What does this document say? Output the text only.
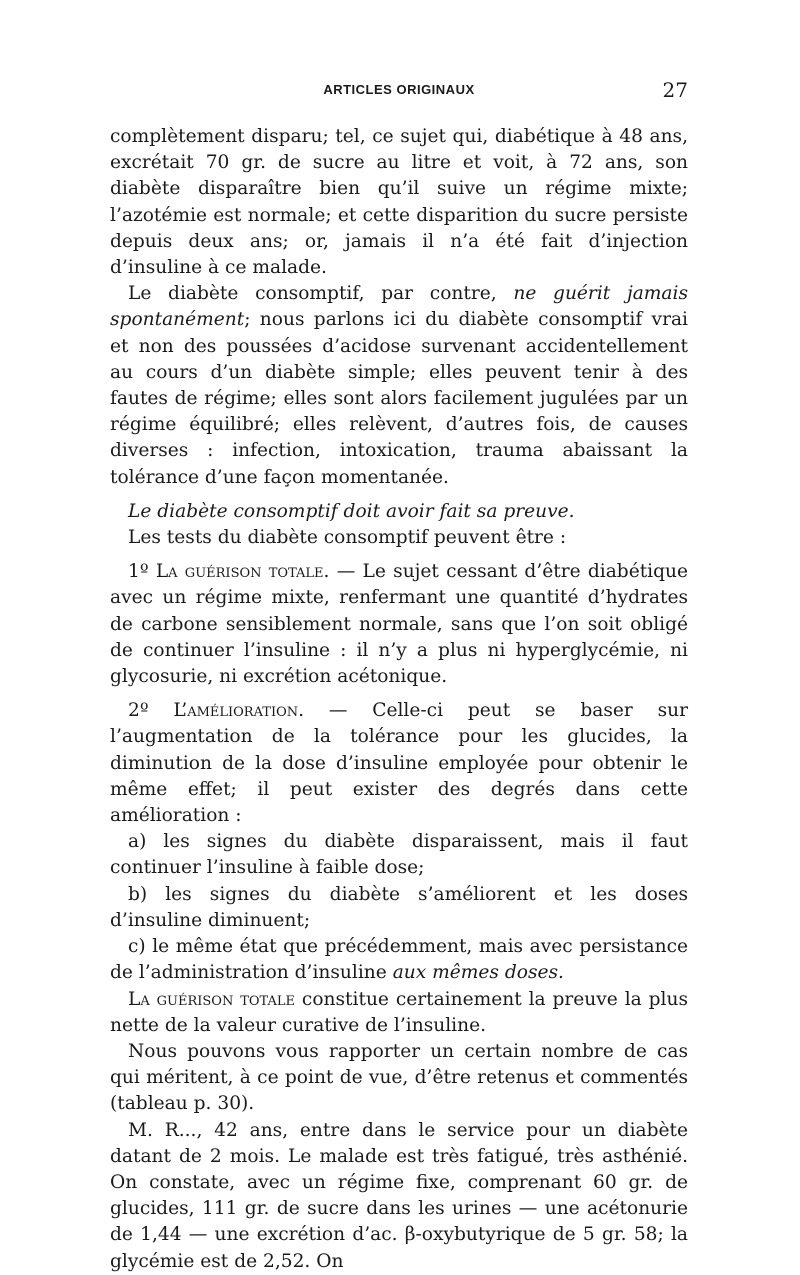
ARTICLES ORIGINAUX	27

complètement disparu; tel, ce sujet qui, diabétique à 48 ans, excrétait 70 gr. de sucre au litre et voit, à 72 ans, son diabète disparaître bien qu’il suive un régime mixte; l’azotémie est normale; et cette disparition du sucre persiste depuis deux ans; or, jamais il n’a été fait d’injection d’insuline à ce malade.

Le diabète consomptif, par contre, ne guérit jamais spontanément; nous parlons ici du diabète consomptif vrai et non des poussées d’acidose survenant accidentellement au cours d’un diabète simple; elles peuvent tenir à des fautes de régime; elles sont alors facilement jugulées par un régime équilibré; elles relèvent, d’autres fois, de causes diverses : infection, intoxication, trauma abaissant la tolérance d’une façon momentanée.

Le diabète consomptif doit avoir fait sa preuve.

Les tests du diabète consomptif peuvent être :

1º La guérison totale. — Le sujet cessant d’être diabétique avec un régime mixte, renfermant une quantité d’hydrates de carbone sensiblement normale, sans que l’on soit obligé de continuer l’insuline : il n’y a plus ni hyperglycémie, ni glycosurie, ni excrétion acétonique.

2º L’amélioration. — Celle-ci peut se baser sur l’augmentation de la tolérance pour les glucides, la diminution de la dose d’insuline employée pour obtenir le même effet; il peut exister des degrés dans cette amélioration :

a) les signes du diabète disparaissent, mais il faut continuer l’insuline à faible dose;

b) les signes du diabète s’améliorent et les doses d’insuline diminuent;

c) le même état que précédemment, mais avec persistance de l’administration d’insuline aux mêmes doses.

La guérison totale constitue certainement la preuve la plus nette de la valeur curative de l’insuline.

Nous pouvons vous rapporter un certain nombre de cas qui méritent, à ce point de vue, d’être retenus et commentés (tableau p. 30).

M. R..., 42 ans, entre dans le service pour un diabète datant de 2 mois. Le malade est très fatigué, très asthénié. On constate, avec un régime fixe, comprenant 60 gr. de glucides, 111 gr. de sucre dans les urines — une acétonurie de 1,44 — une excrétion d’ac. β-oxybutyrique de 5 gr. 58; la glycémie est de 2,52. On
